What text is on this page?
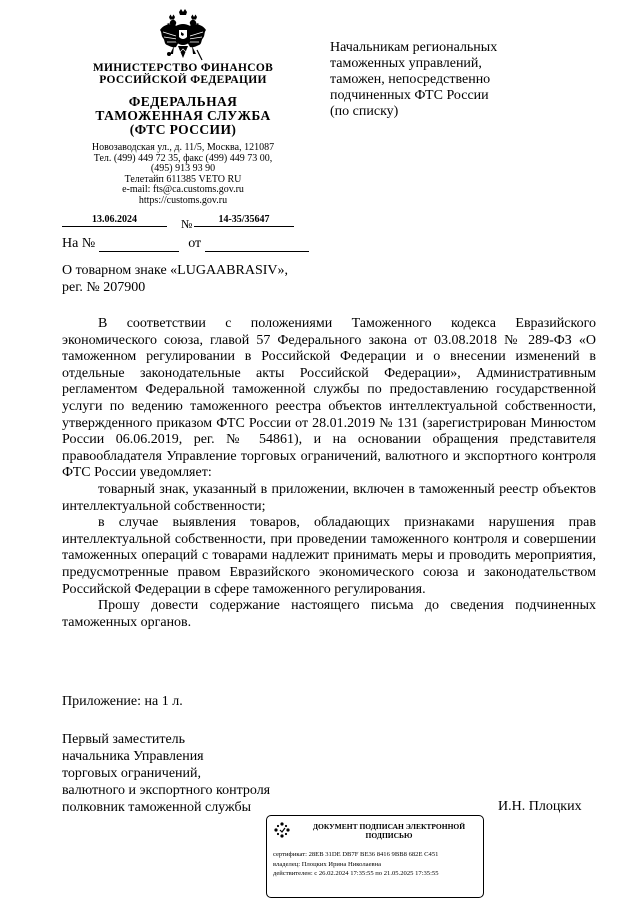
МИНИСТЕРСТВО ФИНАНСОВ
РОССИЙСКОЙ ФЕДЕРАЦИИ
ФЕДЕРАЛЬНАЯ
ТАМОЖЕННАЯ СЛУЖБА
(ФТС РОССИИ)
Новозаводская ул., д. 11/5, Москва, 121087
Тел. (499) 449 72 35, факс (499) 449 73 00,
(495) 913 93 90
Телетайп 611385 VETO RU
e-mail: fts@ca.customs.gov.ru
https://customs.gov.ru
13.06.2024	№	14-35/35647
На №	от
Начальникам региональных
таможенных управлений,
таможен, непосредственно
подчиненных ФТС России
(по списку)
О товарном знаке «LUGAABRASIV»,
рег. № 207900

В соответствии с положениями Таможенного кодекса Евразийского экономического союза, главой 57 Федерального закона от 03.08.2018 № 289-ФЗ «О таможенном регулировании в Российской Федерации и о внесении изменений в отдельные законодательные акты Российской Федерации», Административным регламентом Федеральной таможенной службы по предоставлению государственной услуги по ведению таможенного реестра объектов интеллектуальной собственности, утвержденного приказом ФТС России от 28.01.2019 № 131 (зарегистрирован Минюстом России 06.06.2019, рег. № 54861), и на основании обращения представителя правообладателя Управление торговых ограничений, валютного и экспортного контроля ФТС России уведомляет:

товарный знак, указанный в приложении, включен в таможенный реестр объектов интеллектуальной собственности;

в случае выявления товаров, обладающих признаками нарушения прав интеллектуальной собственности, при проведении таможенного контроля и совершении таможенных операций с товарами надлежит принимать меры и проводить мероприятия, предусмотренные правом Евразийского экономического союза и законодательством Российской Федерации в сфере таможенного регулирования.

Прошу довести содержание настоящего письма до сведения подчиненных таможенных органов.

Приложение: на 1 л.
Первый заместитель
начальника Управления
торговых ограничений,
валютного и экспортного контроля
полковник таможенной службы	И.Н. Плоцких
ДОКУМЕНТ ПОДПИСАН ЭЛЕКТРОННОЙ
ПОДПИСЬЮ
сертификат: 28EB 31DE DB7F BE36 8416 9BB8 682E C451
владелец: Плоцких Ирина Николаевна
действителен: с 26.02.2024 17:35:55 по 21.05.2025 17:35:55
